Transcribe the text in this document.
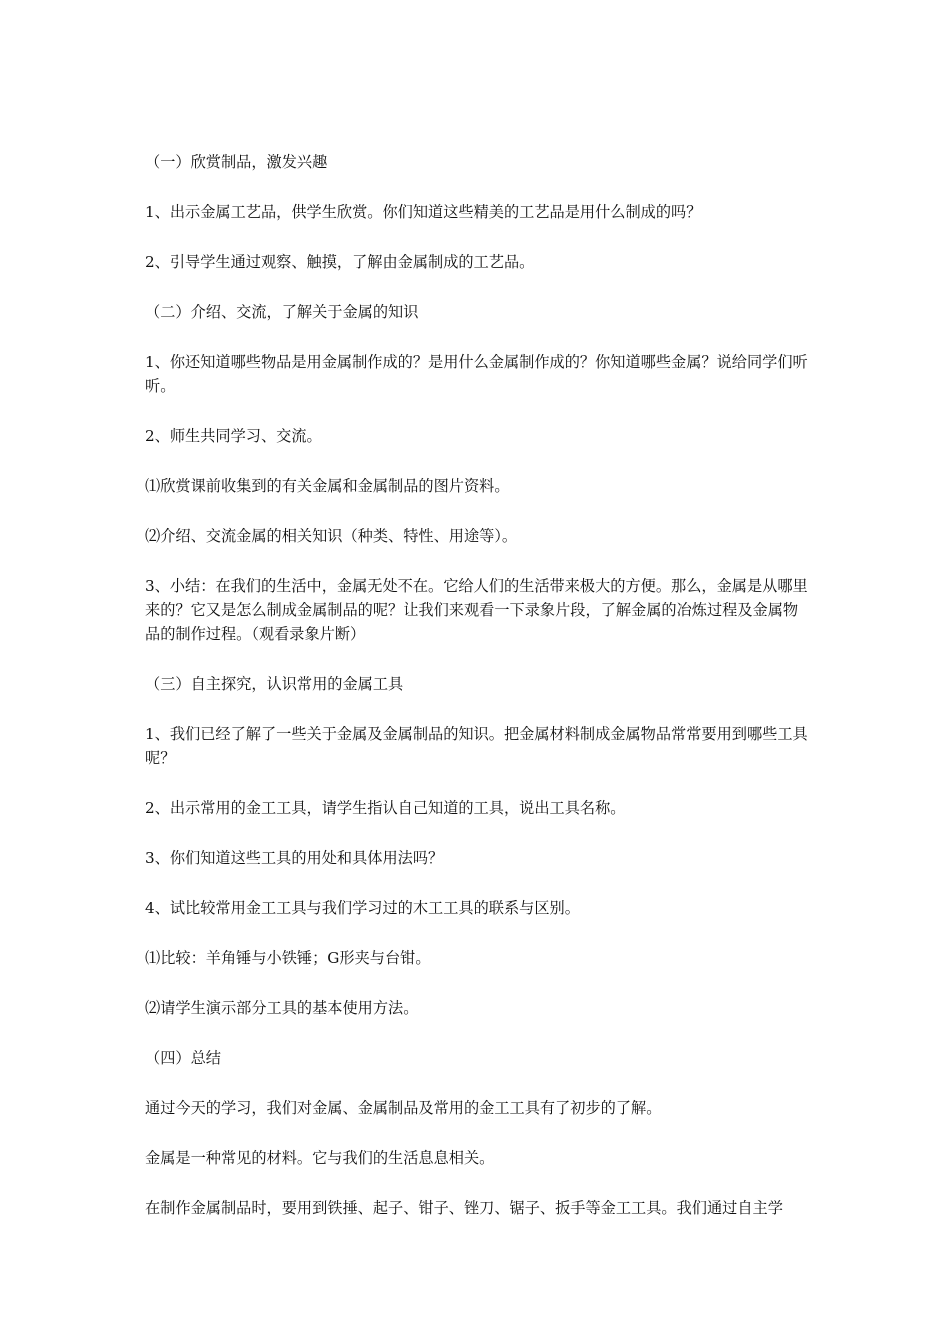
（一）欣赏制品，激发兴趣

1、出示金属工艺品，供学生欣赏。你们知道这些精美的工艺品是用什么制成的吗？

2、引导学生通过观察、触摸，了解由金属制成的工艺品。

（二）介绍、交流，了解关于金属的知识

1、你还知道哪些物品是用金属制作成的？是用什么金属制作成的？你知道哪些金属？说给同学们听听。

2、师生共同学习、交流。

⑴欣赏课前收集到的有关金属和金属制品的图片资料。

⑵介绍、交流金属的相关知识（种类、特性、用途等）。

3、小结：在我们的生活中，金属无处不在。它给人们的生活带来极大的方便。那么，金属是从哪里来的？它又是怎么制成金属制品的呢？让我们来观看一下录象片段，了解金属的冶炼过程及金属物品的制作过程。（观看录象片断）

（三）自主探究，认识常用的金属工具

1、我们已经了解了一些关于金属及金属制品的知识。把金属材料制成金属物品常常要用到哪些工具呢？

2、出示常用的金工工具，请学生指认自己知道的工具，说出工具名称。

3、你们知道这些工具的用处和具体用法吗？

4、试比较常用金工工具与我们学习过的木工工具的联系与区别。

⑴比较：羊角锤与小铁锤；G形夹与台钳。

⑵请学生演示部分工具的基本使用方法。

（四）总结

通过今天的学习，我们对金属、金属制品及常用的金工工具有了初步的了解。

金属是一种常见的材料。它与我们的生活息息相关。

在制作金属制品时，要用到铁捶、起子、钳子、锉刀、锯子、扳手等金工工具。我们通过自主学
